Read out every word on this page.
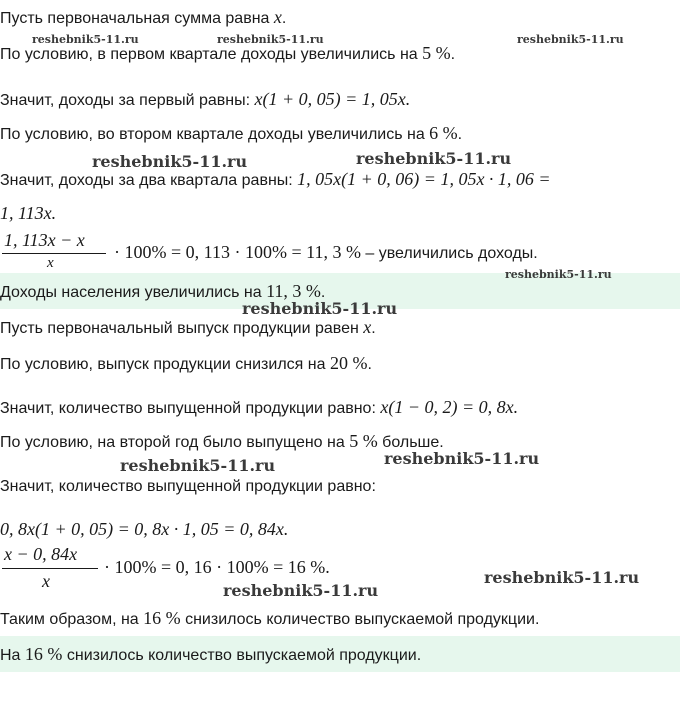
Пусть первоначальная сумма равна x.
По условию, в первом квартале доходы увеличились на 5 %.
Значит, доходы за первый равны: x(1 + 0, 05) = 1, 05x.
По условию, во втором квартале доходы увеличились на 6 %.
Значит, доходы за два квартала равны: 1, 05x(1 + 0, 06) = 1, 05x · 1, 06 =
1, 113x.
1, 113x − x
x
· 100% = 0, 113 · 100% = 11, 3 % – увеличились доходы.
Доходы населения увеличились на 11, 3 %.
Пусть первоначальный выпуск продукции равен x.
По условию, выпуск продукции снизился на 20 %.
Значит, количество выпущенной продукции равно: x(1 − 0, 2) = 0, 8x.
По условию, на второй год было выпущено на 5 % больше.
Значит, количество выпущенной продукции равно:
0, 8x(1 + 0, 05) = 0, 8x · 1, 05 = 0, 84x.
x − 0, 84x
x
· 100% = 0, 16 · 100% = 16 %.
Таким образом, на 16 % снизилось количество выпускаемой продукции.
На 16 % снизилось количество выпускаемой продукции.
reshebnik5-11.ru	reshebnik5-11.ru	reshebnik5-11.ru
reshebnik5-11.ru	reshebnik5-11.ru
reshebnik5-11.ru
reshebnik5-11.ru
reshebnik5-11.ru	reshebnik5-11.ru
reshebnik5-11.ru
reshebnik5-11.ru
